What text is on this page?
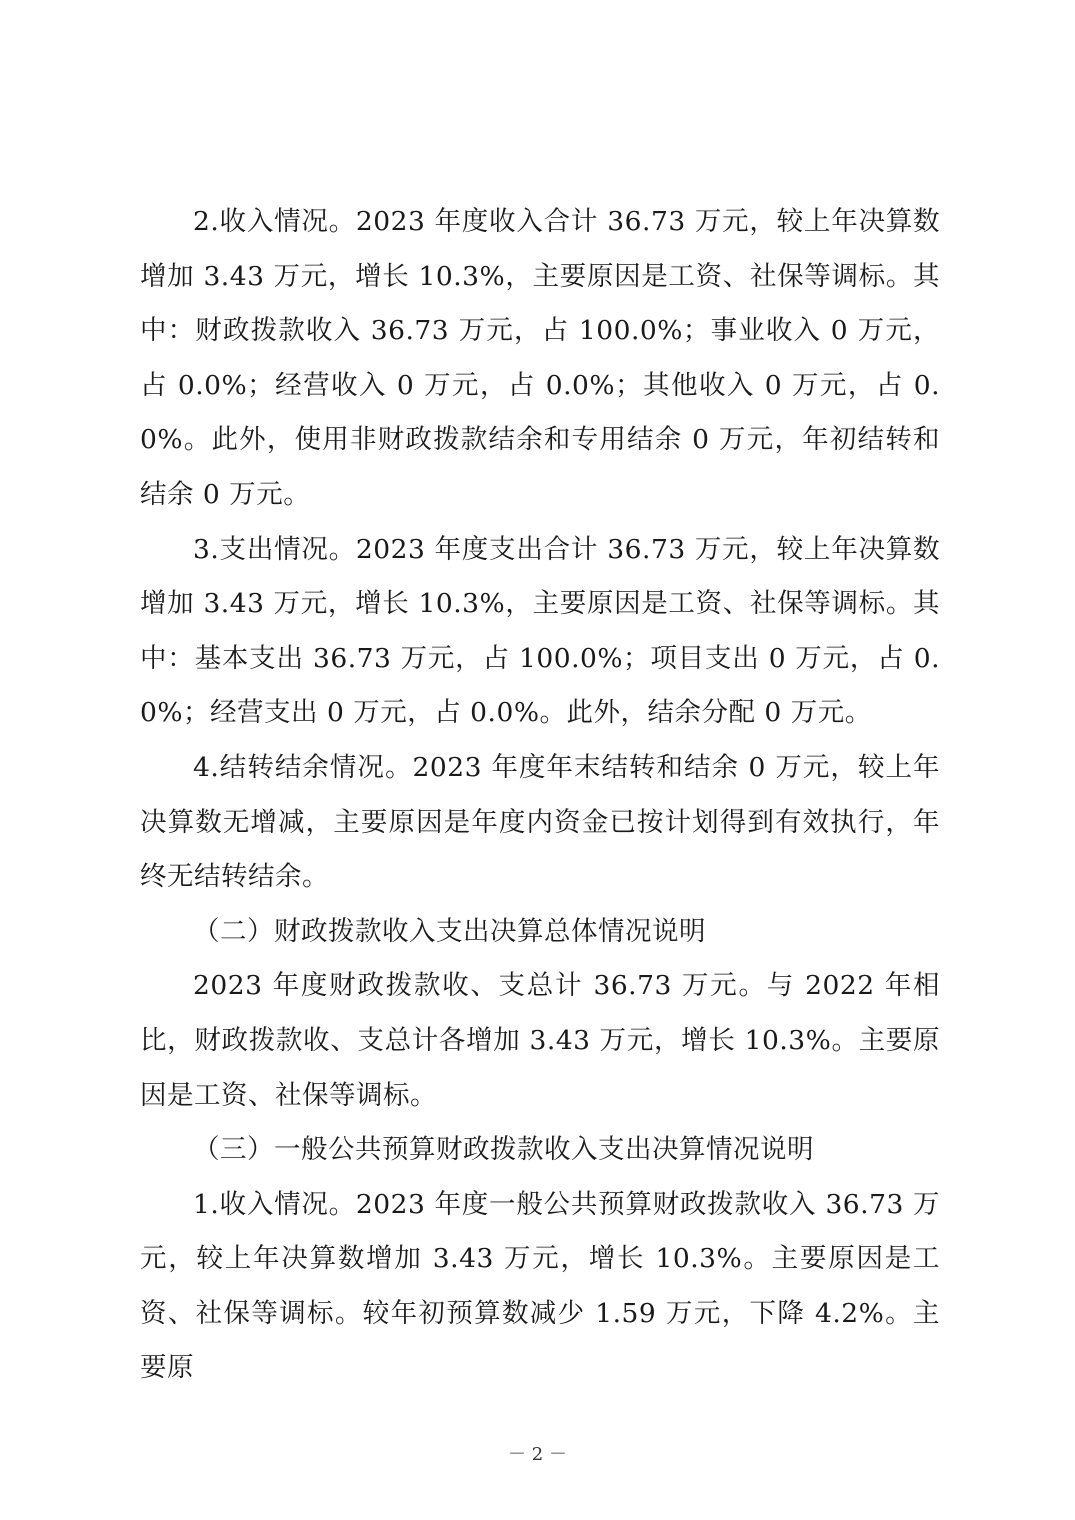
2.收入情况。2023 年度收入合计 36.73 万元，较上年决算数增加 3.43 万元，增长 10.3%，主要原因是工资、社保等调标。其中：财政拨款收入 36.73 万元，占 100.0%；事业收入 0 万元，占 0.0%；经营收入 0 万元，占 0.0%；其他收入 0 万元，占 0.0%。此外，使用非财政拨款结余和专用结余 0 万元，年初结转和结余 0 万元。

3.支出情况。2023 年度支出合计 36.73 万元，较上年决算数增加 3.43 万元，增长 10.3%，主要原因是工资、社保等调标。其中：基本支出 36.73 万元，占 100.0%；项目支出 0 万元，占 0.0%；经营支出 0 万元，占 0.0%。此外，结余分配 0 万元。

4.结转结余情况。2023 年度年末结转和结余 0 万元，较上年决算数无增减，主要原因是年度内资金已按计划得到有效执行，年终无结转结余。

（二）财政拨款收入支出决算总体情况说明

2023 年度财政拨款收、支总计 36.73 万元。与 2022 年相比，财政拨款收、支总计各增加 3.43 万元，增长 10.3%。主要原因是工资、社保等调标。

（三）一般公共预算财政拨款收入支出决算情况说明

1.收入情况。2023 年度一般公共预算财政拨款收入 36.73 万元，较上年决算数增加 3.43 万元，增长 10.3%。主要原因是工资、社保等调标。较年初预算数减少 1.59 万元，下降 4.2%。主要原

－ 2 －
